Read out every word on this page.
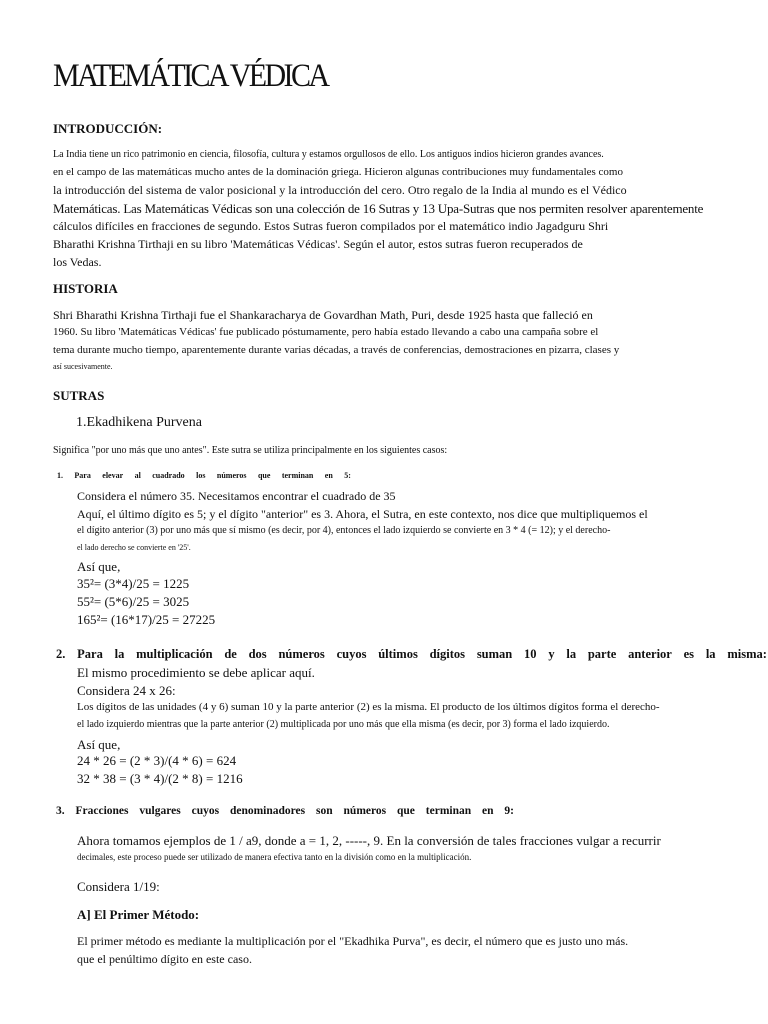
MATEMÁTICA VÉDICA
INTRODUCCIÓN:
La India tiene un rico patrimonio en ciencia, filosofía, cultura y estamos orgullosos de ello. Los antiguos indios hicieron grandes avances.
en el campo de las matemáticas mucho antes de la dominación griega. Hicieron algunas contribuciones muy fundamentales como
la introducción del sistema de valor posicional y la introducción del cero. Otro regalo de la India al mundo es el Védico
Matemáticas. Las Matemáticas Védicas son una colección de 16 Sutras y 13 Upa-Sutras que nos permiten resolver aparentemente
cálculos difíciles en fracciones de segundo. Estos Sutras fueron compilados por el matemático indio Jagadguru Shri
Bharathi Krishna Tirthaji en su libro 'Matemáticas Védicas'. Según el autor, estos sutras fueron recuperados de
los Vedas.
HISTORIA
Shri Bharathi Krishna Tirthaji fue el Shankaracharya de Govardhan Math, Puri, desde 1925 hasta que falleció en
1960. Su libro 'Matemáticas Védicas' fue publicado póstumamente, pero había estado llevando a cabo una campaña sobre el
tema durante mucho tiempo, aparentemente durante varias décadas, a través de conferencias, demostraciones en pizarra, clases y
así sucesivamente.
SUTRAS
1.Ekadhikena Purvena
Significa "por uno más que uno antes". Este sutra se utiliza principalmente en los siguientes casos:
1. Para elevar al cuadrado los números que terminan en 5:
Considera el número 35. Necesitamos encontrar el cuadrado de 35
Aquí, el último dígito es 5; y el dígito "anterior" es 3. Ahora, el Sutra, en este contexto, nos dice que multipliquemos el
el dígito anterior (3) por uno más que sí mismo (es decir, por 4), entonces el lado izquierdo se convierte en 3 * 4 (= 12); y el derecho-
el lado derecho se convierte en '25'.
Así que,
35²= (3*4)/25 = 1225
55²= (5*6)/25 = 3025
165²= (16*17)/25 = 27225
2. Para la multiplicación de dos números cuyos últimos dígitos suman 10 y la parte anterior es la misma:
El mismo procedimiento se debe aplicar aquí.
Considera 24 x 26:
Los dígitos de las unidades (4 y 6) suman 10 y la parte anterior (2) es la misma. El producto de los últimos dígitos forma el derecho-
el lado izquierdo mientras que la parte anterior (2) multiplicada por uno más que ella misma (es decir, por 3) forma el lado izquierdo.
Así que,
24 * 26 = (2 * 3)/(4 * 6) = 624
32 * 38 = (3 * 4)/(2 * 8) = 1216
3. Fracciones vulgares cuyos denominadores son números que terminan en 9:
Ahora tomamos ejemplos de 1 / a9, donde a = 1, 2, -----, 9. En la conversión de tales fracciones vulgar a recurrir
decimales, este proceso puede ser utilizado de manera efectiva tanto en la división como en la multiplicación.
Considera 1/19:
A] El Primer Método:
El primer método es mediante la multiplicación por el "Ekadhika Purva", es decir, el número que es justo uno más.
que el penúltimo dígito en este caso.
